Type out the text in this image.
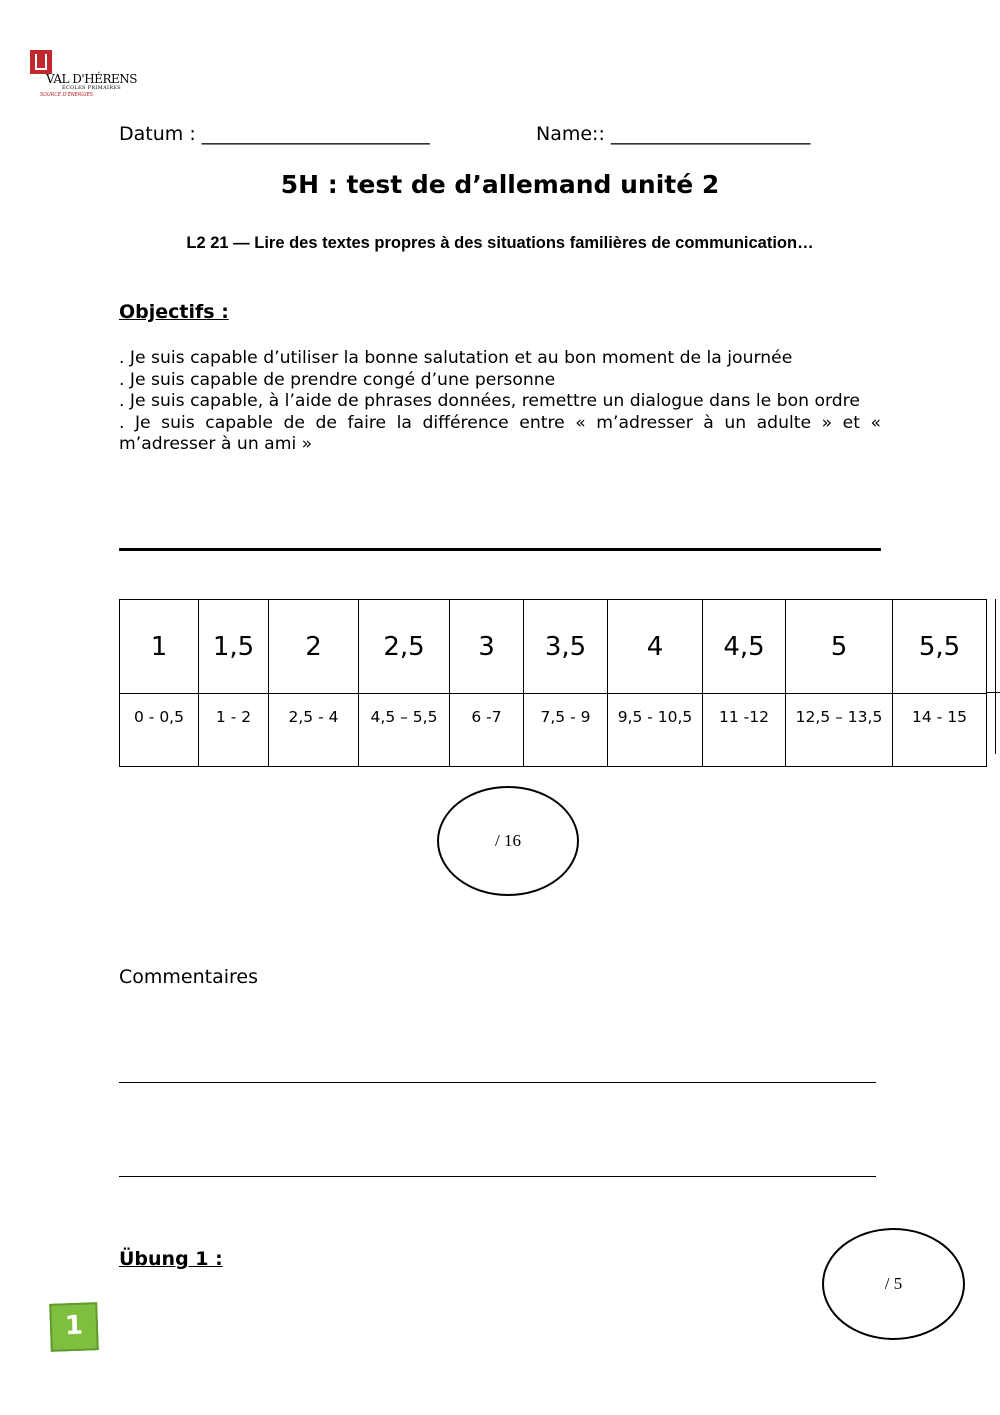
VAL D'HÉRENS
ÉCOLES PRIMAIRES
SOURCE D'ÉNERGIES
Datum : ________________________	Name:: _____________________
5H : test de d’allemand unité 2
L2 21 — Lire des textes propres à des situations familières de communication…
Objectifs :
. Je suis capable d’utiliser la bonne salutation et au bon moment de la journée
. Je suis capable de prendre congé d’une personne
. Je suis capable, à l’aide de phrases données, remettre un dialogue dans le bon ordre
. Je suis capable de de faire la différence entre « m’adresser à un adulte » et « m’adresser à un ami »
1	1,5	2	2,5	3	3,5	4	4,5	5	5,5
0 - 0,5	1 - 2	2,5 - 4	4,5 – 5,5	6 -7	7,5 - 9	9,5 - 10,5	11 -12	12,5 – 13,5	14 - 15
/ 16
Commentaires
Übung 1 :
/ 5
1
